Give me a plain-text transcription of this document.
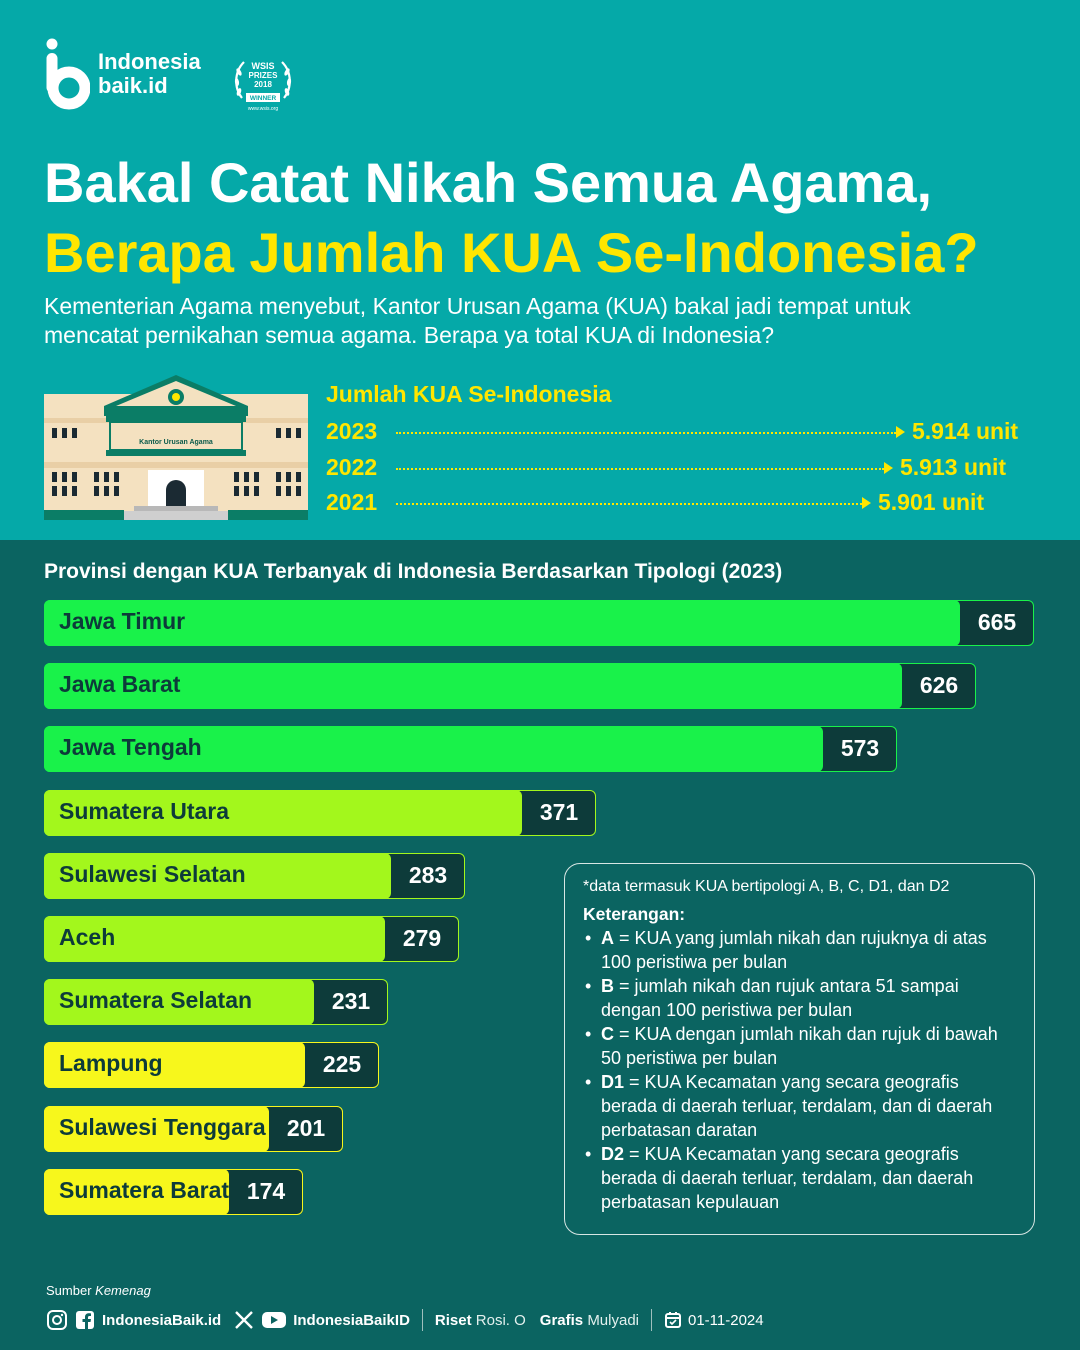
Indonesia
baik.id
WSIS
PRIZES
2018
WINNER
www.wsis.org
Bakal Catat Nikah Semua Agama,
Berapa Jumlah KUA Se-Indonesia?
Kementerian Agama menyebut, Kantor Urusan Agama (KUA) bakal jadi tempat untuk mencatat pernikahan semua agama. Berapa ya total KUA di Indonesia?
Kantor Urusan Agama
Jumlah KUA Se-Indonesia
2023	5.914 unit
2022	5.913 unit
2021	5.901 unit
Provinsi dengan KUA Terbanyak di Indonesia Berdasarkan Tipologi (2023)
Jawa Timur	665
Jawa Barat	626
Jawa Tengah	573
Sumatera Utara	371
Sulawesi Selatan	283
Aceh	279
Sumatera Selatan	231
Lampung	225
Sulawesi Tenggara 201
Sumatera Barat 174
*data termasuk KUA bertipologi A, B, C, D1, dan D2
Keterangan:
• A = KUA yang jumlah nikah dan rujuknya di atas 100 peristiwa per bulan
• B = jumlah nikah dan rujuk antara 51 sampai dengan 100 peristiwa per bulan
• C = KUA dengan jumlah nikah dan rujuk di bawah 50 peristiwa per bulan
• D1 = KUA Kecamatan yang secara geografis berada di daerah terluar, terdalam, dan di daerah perbatasan daratan
• D2 = KUA Kecamatan yang secara geografis berada di daerah terluar, terdalam, dan daerah perbatasan kepulauan
Sumber Kemenag
IndonesiaBaik.id	IndonesiaBaikID Riset
Rosi. O Grafis
Mulyadi	01-11-2024
